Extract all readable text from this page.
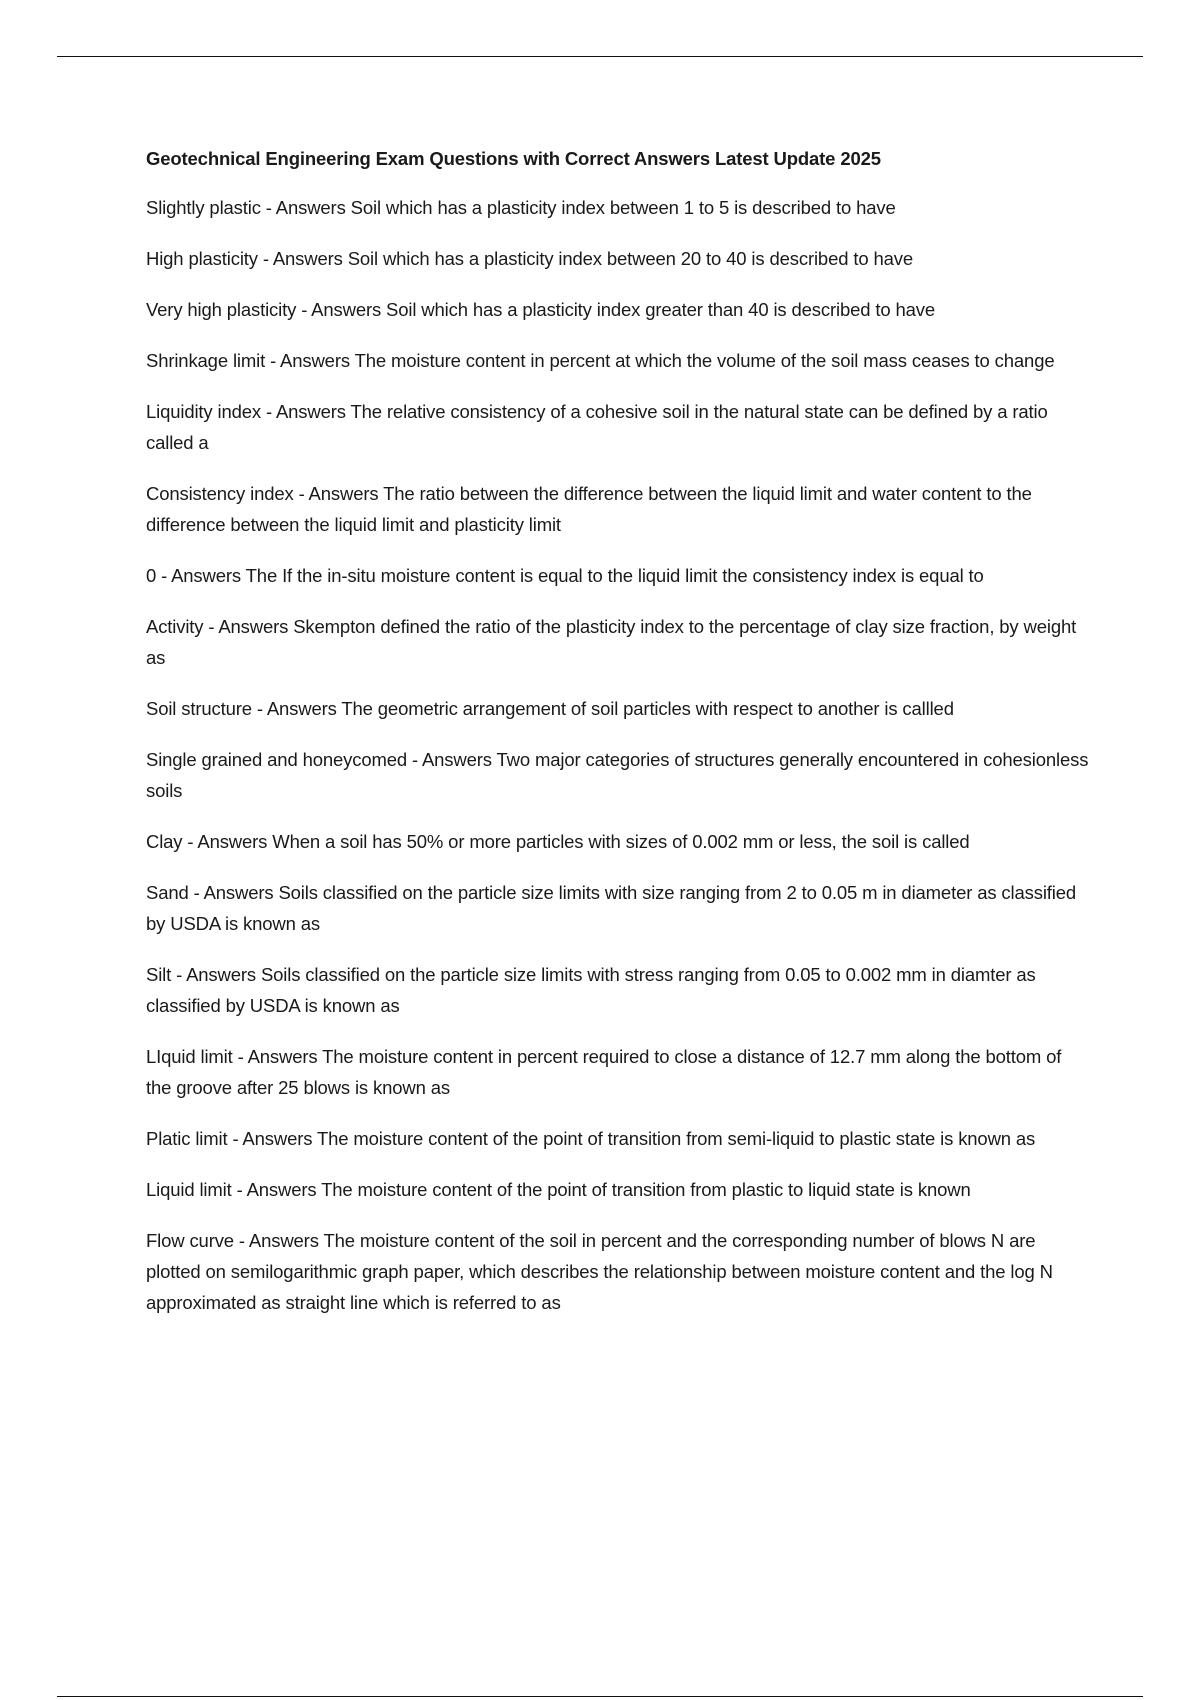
Geotechnical Engineering Exam Questions with Correct Answers Latest Update 2025
Slightly plastic - Answers Soil which has a plasticity index between 1 to 5 is described to have
High plasticity - Answers Soil which has a plasticity index between 20 to 40 is described to have
Very high plasticity - Answers Soil which has a plasticity index greater than 40 is described to have
Shrinkage limit - Answers The moisture content in percent at which the volume of the soil mass ceases to change
Liquidity index - Answers The relative consistency of a cohesive soil in the natural state can be defined by a ratio called a
Consistency index - Answers The ratio between the difference between the liquid limit and water content to the difference between the liquid limit and plasticity limit
0 - Answers The If the in-situ moisture content is equal to the liquid limit the consistency index is equal to
Activity - Answers Skempton defined the ratio of the plasticity index to the percentage of clay size fraction, by weight as
Soil structure - Answers The geometric arrangement of soil particles with respect to another is callled
Single grained and honeycomed - Answers Two major categories of structures generally encountered in cohesionless soils
Clay - Answers When a soil has 50% or more particles with sizes of 0.002 mm or less, the soil is called
Sand - Answers Soils classified on the particle size limits with size ranging from 2 to 0.05 m in diameter as classified by USDA is known as
Silt - Answers Soils classified on the particle size limits with stress ranging from 0.05 to 0.002 mm in diamter as classified by USDA is known as
LIquid limit - Answers The moisture content in percent required to close a distance of 12.7 mm along the bottom of the groove after 25 blows is known as
Platic limit - Answers The moisture content of the point of transition from semi-liquid to plastic state is known as
Liquid limit - Answers The moisture content of the point of transition from plastic to liquid state is known
Flow curve - Answers The moisture content of the soil in percent and the corresponding number of blows N are plotted on semilogarithmic graph paper, which describes the relationship between moisture content and the log N approximated as straight line which is referred to as
